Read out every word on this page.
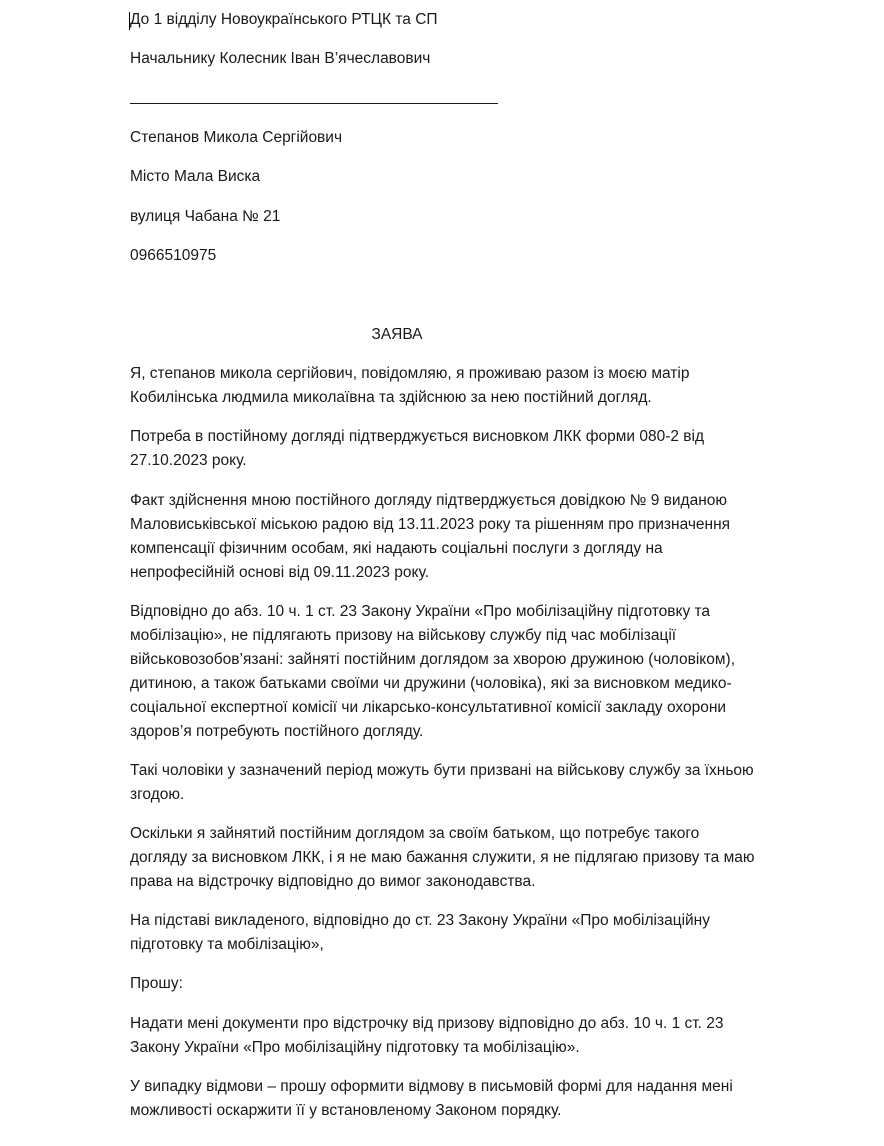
До 1 відділу Новоукраїнського РТЦК та СП
Начальнику Колесник Іван В’ячеславович
Степанов Микола Сергійович
Місто Мала Виска
вулиця Чабана № 21
0966510975
ЗАЯВА
Я, степанов микола сергійович, повідомляю, я проживаю разом із моєю матір
Кобилінська людмила миколаївна та здійснюю за нею постійний догляд.
Потреба в постійному догляді підтверджується висновком ЛКК форми 080-2 від
27.10.2023 року.
Факт здійснення мною постійного догляду підтверджується довідкою № 9 виданою
Маловиськівської міською радою від 13.11.2023 року та рішенням про призначення
компенсації фізичним особам, які надають соціальні послуги з догляду на
непрофесійній основі від 09.11.2023 року.
Відповідно до абз. 10 ч. 1 ст. 23 Закону України «Про мобілізаційну підготовку та
мобілізацію», не підлягають призову на військову службу під час мобілізації
військовозобов’язані: зайняті постійним доглядом за хворою дружиною (чоловіком),
дитиною, а також батьками своїми чи дружини (чоловіка), які за висновком медико-
соціальної експертної комісії чи лікарсько-консультативної комісії закладу охорони
здоров’я потребують постійного догляду.
Такі чоловіки у зазначений період можуть бути призвані на військову службу за їхньою
згодою.
Оскільки я зайнятий постійним доглядом за своїм батьком, що потребує такого
догляду за висновком ЛКК, і я не маю бажання служити, я не підлягаю призову та маю
права на відстрочку відповідно до вимог законодавства.
На підставі викладеного, відповідно до ст. 23 Закону України «Про мобілізаційну
підготовку та мобілізацію»,
Прошу:
Надати мені документи про відстрочку від призову відповідно до абз. 10 ч. 1 ст. 23
Закону України «Про мобілізаційну підготовку та мобілізацію».
У випадку відмови – прошу оформити відмову в письмовій формі для надання мені
можливості оскаржити її у встановленому Законом порядку.
